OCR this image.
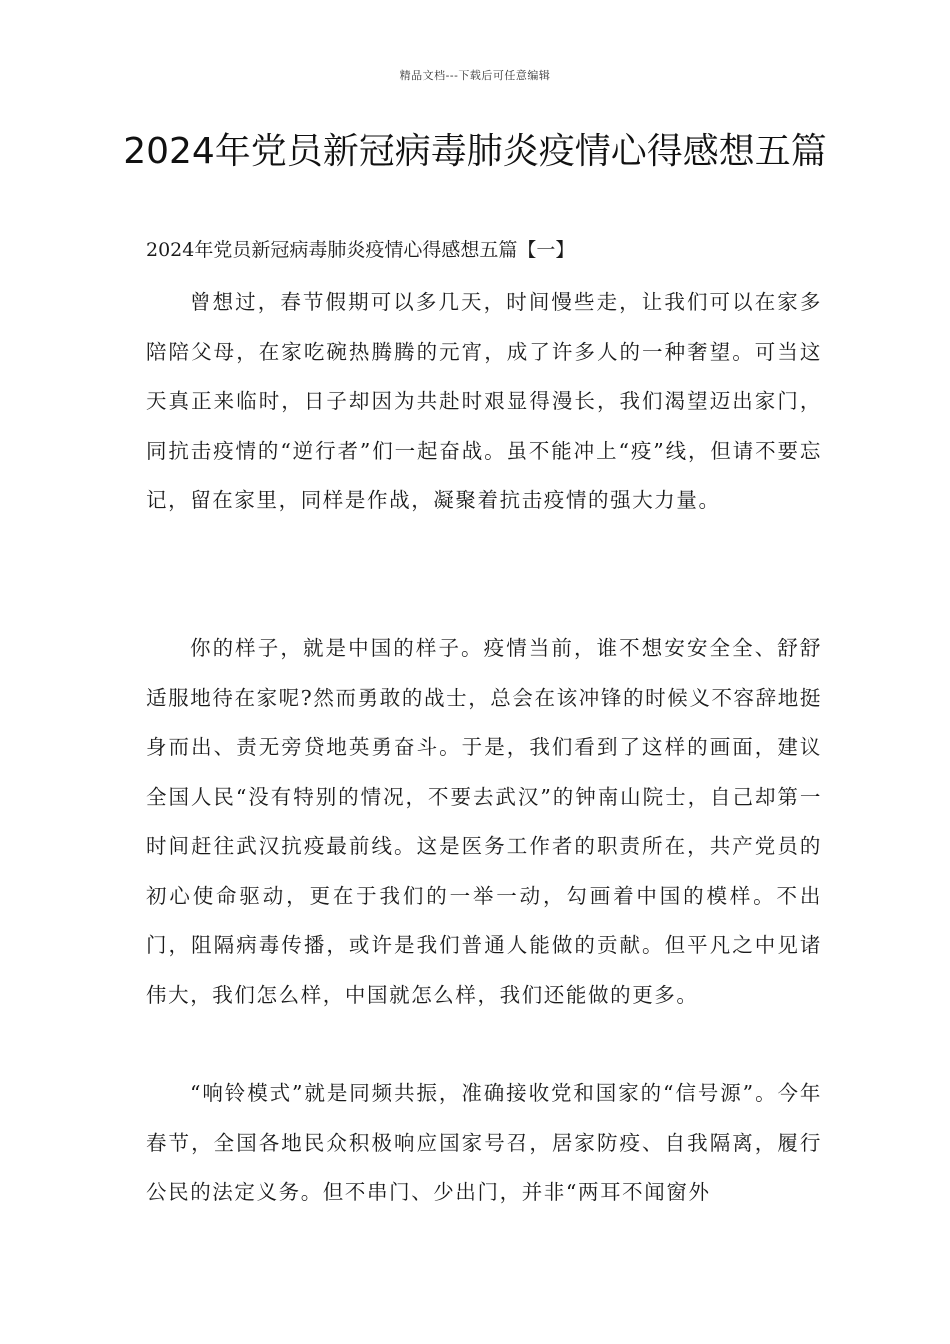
精品文档---下载后可任意编辑
2024年党员新冠病毒肺炎疫情心得感想五篇

2024年党员新冠病毒肺炎疫情心得感想五篇【一】

曾想过，春节假期可以多几天，时间慢些走，让我们可以在家多陪陪父母，在家吃碗热腾腾的元宵，成了许多人的一种奢望。可当这天真正来临时，日子却因为共赴时艰显得漫长，我们渴望迈出家门，同抗击疫情的“逆行者”们一起奋战。虽不能冲上“疫”线，但请不要忘记，留在家里，同样是作战，凝聚着抗击疫情的强大力量。

你的样子，就是中国的样子。疫情当前，谁不想安安全全、舒舒适服地待在家呢?然而勇敢的战士，总会在该冲锋的时候义不容辞地挺身而出、责无旁贷地英勇奋斗。于是，我们看到了这样的画面，建议全国人民“没有特别的情况，不要去武汉”的钟南山院士，自己却第一时间赶往武汉抗疫最前线。这是医务工作者的职责所在，共产党员的初心使命驱动，更在于我们的一举一动，勾画着中国的模样。不出门，阻隔病毒传播，或许是我们普通人能做的贡献。但平凡之中见诸伟大，我们怎么样，中国就怎么样，我们还能做的更多。

“响铃模式”就是同频共振，准确接收党和国家的“信号源”。今年春节，全国各地民众积极响应国家号召，居家防疫、自我隔离，履行公民的法定义务。但不串门、少出门，并非“两耳不闻窗外
